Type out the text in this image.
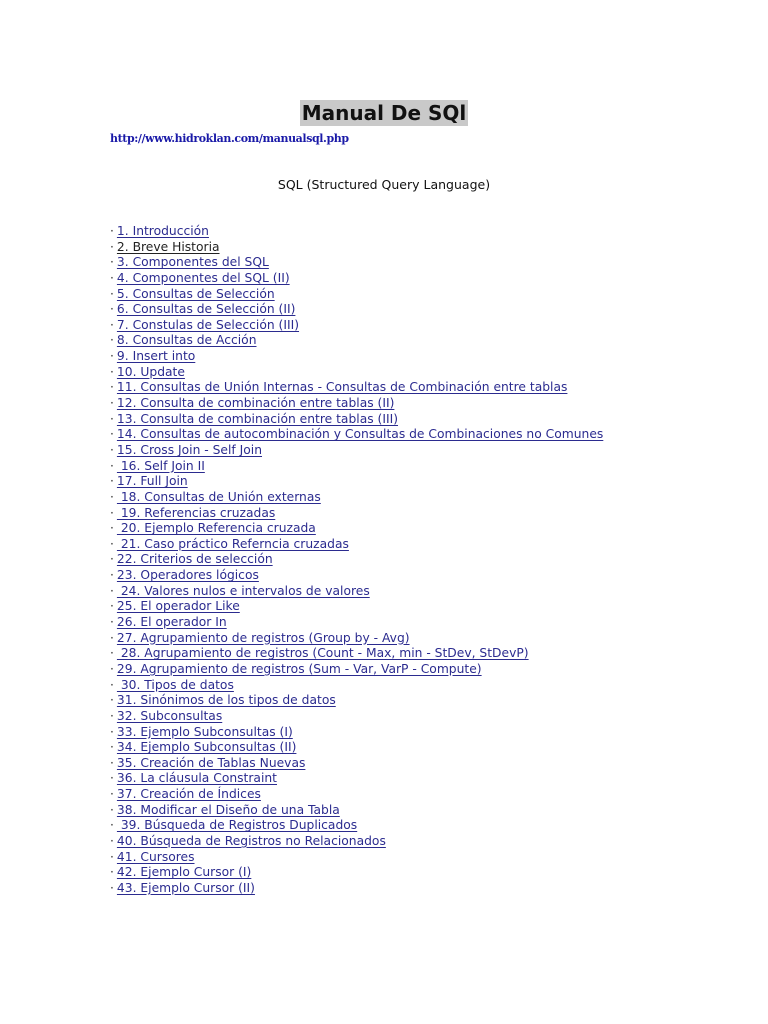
Manual De SQl
http://www.hidroklan.com/manualsql.php

SQL (Structured Query Language)

· 1. Introducción
· 2. Breve Historia
· 3. Componentes del SQL
· 4. Componentes del SQL (II)
· 5. Consultas de Selección
· 6. Consultas de Selección (II)
· 7. Constulas de Selección (III)
· 8. Consultas de Acción
· 9. Insert into
· 10. Update
· 11. Consultas de Unión Internas - Consultas de Combinación entre tablas
· 12. Consulta de combinación entre tablas (II)
· 13. Consulta de combinación entre tablas (III)
· 14. Consultas de autocombinación y Consultas de Combinaciones no Comunes
· 15. Cross Join - Self Join
· 16. Self Join II
· 17. Full Join
· 18. Consultas de Unión externas
· 19. Referencias cruzadas
· 20. Ejemplo Referencia cruzada
· 21. Caso práctico Referncia cruzadas
· 22. Criterios de selección
· 23. Operadores lógicos
· 24. Valores nulos e intervalos de valores
· 25. El operador Like
· 26. El operador In
· 27. Agrupamiento de registros (Group by - Avg)
· 28. Agrupamiento de registros (Count - Max, min - StDev, StDevP)
· 29. Agrupamiento de registros (Sum - Var, VarP - Compute)
· 30. Tipos de datos
· 31. Sinónimos de los tipos de datos
· 32. Subconsultas
· 33. Ejemplo Subconsultas (I)
· 34. Ejemplo Subconsultas (II)
· 35. Creación de Tablas Nuevas
· 36. La cláusula Constraint
· 37. Creación de Índices
· 38. Modificar el Diseño de una Tabla
· 39. Búsqueda de Registros Duplicados
· 40. Búsqueda de Registros no Relacionados
· 41. Cursores
· 42. Ejemplo Cursor (I)
· 43. Ejemplo Cursor (II)
